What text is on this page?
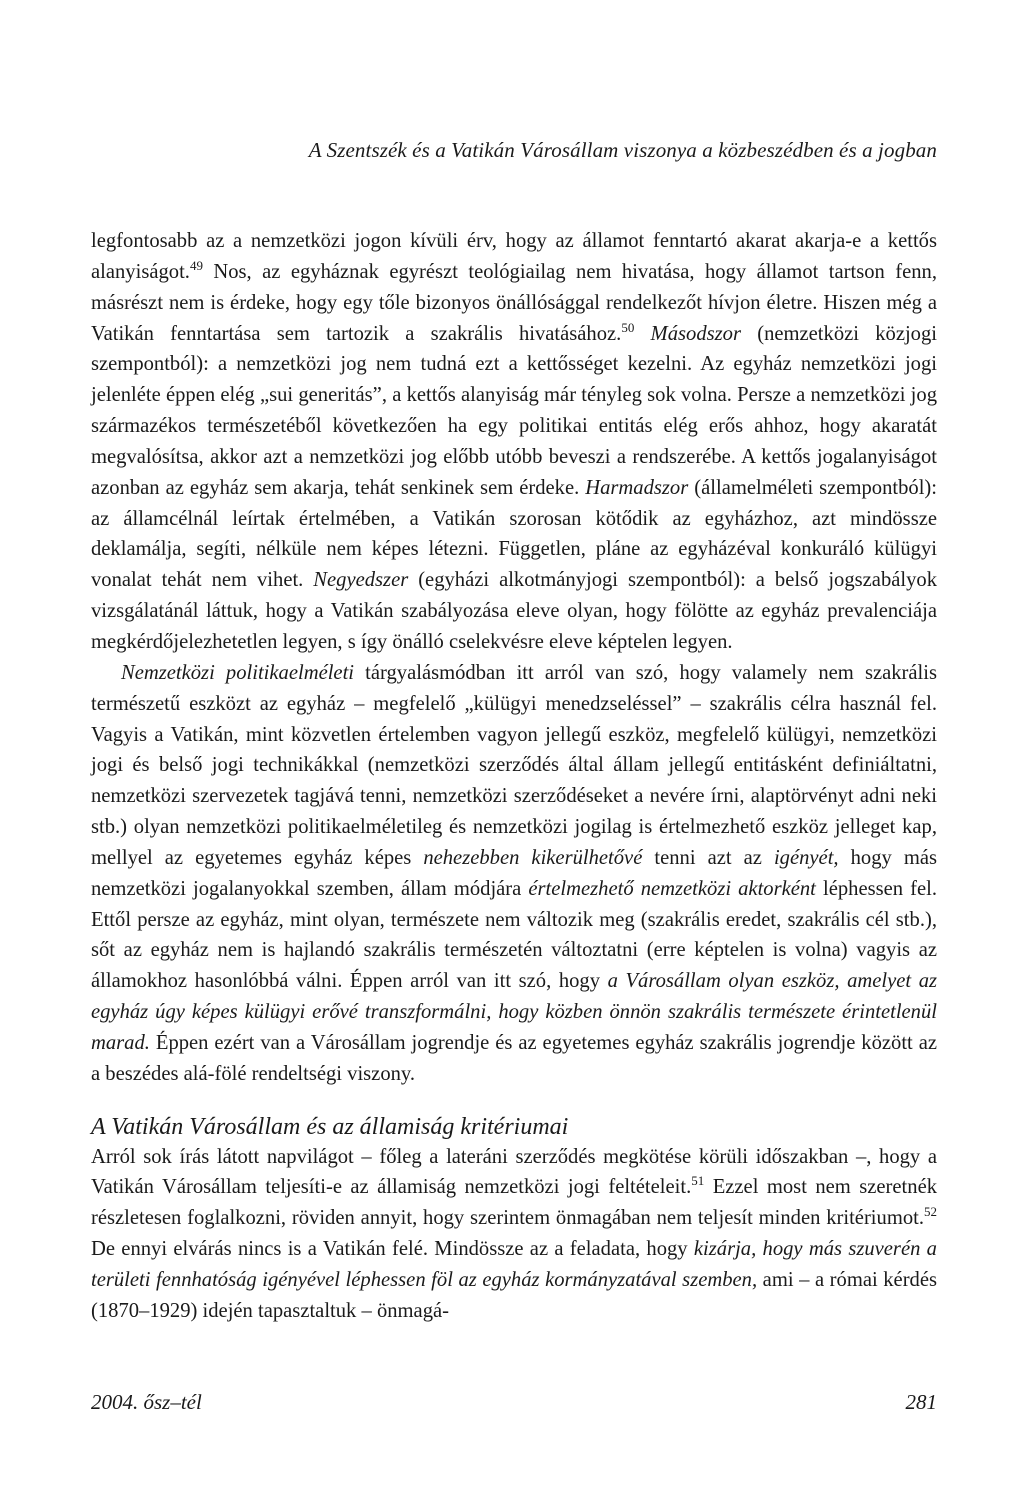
A Szentszék és a Vatikán Városállam viszonya a közbeszédben és a jogban

legfontosabb az a nemzetközi jogon kívüli érv, hogy az államot fenntartó akarat akarja-e a kettős alanyiságot.$^{49}$ Nos, az egyháznak egyrészt teológiailag nem hivatása, hogy államot tartson fenn, másrészt nem is érdeke, hogy egy tőle bizonyos önállósággal rendelkezőt hívjon életre. Hiszen még a Vatikán fenntartása sem tartozik a szakrális hivatásához.$^{50}$ Másodszor (nemzetközi közjogi szempontból): a nemzetközi jog nem tudná ezt a kettősséget kezelni. Az egyház nemzetközi jogi jelenléte éppen elég „sui generitás”, a kettős alanyiság már tényleg sok volna. Persze a nemzetközi jog származékos természetéből következően ha egy politikai entitás elég erős ahhoz, hogy akaratát megvalósítsa, akkor azt a nemzetközi jog előbb utóbb beveszi a rendszerébe. A kettős jogalanyiságot azonban az egyház sem akarja, tehát senkinek sem érdeke. Harmadszor (államelméleti szempontból): az államcélnál leírtak értelmében, a Vatikán szorosan kötődik az egyházhoz, azt mindössze deklamálja, segíti, nélküle nem képes létezni. Független, pláne az egyházéval konkuráló külügyi vonalat tehát nem vihet. Negyedszer (egyházi alkotmányjogi szempontból): a belső jogszabályok vizsgálatánál láttuk, hogy a Vatikán szabályozása eleve olyan, hogy fölötte az egyház prevalenciája megkérdőjelezhetetlen legyen, s így önálló cselekvésre eleve képtelen legyen.

Nemzetközi politikaelméleti tárgyalásmódban itt arról van szó, hogy valamely nem szakrális természetű eszközt az egyház – megfelelő „külügyi menedzseléssel” – szakrális célra használ fel. Vagyis a Vatikán, mint közvetlen értelemben vagyon jellegű eszköz, megfelelő külügyi, nemzetközi jogi és belső jogi technikákkal (nemzetközi szerződés által állam jellegű entitásként definiáltatni, nemzetközi szervezetek tagjává tenni, nemzetközi szerződéseket a nevére írni, alaptörvényt adni neki stb.) olyan nemzetközi politikaelméletileg és nemzetközi jogilag is értelmezhető eszköz jelleget kap, mellyel az egyetemes egyház képes nehezebben kikerülhetővé tenni azt az igényét, hogy más nemzetközi jogalanyokkal szemben, állam módjára értelmezhető nemzetközi aktorként léphessen fel. Ettől persze az egyház, mint olyan, természete nem változik meg (szakrális eredet, szakrális cél stb.), sőt az egyház nem is hajlandó szakrális természetén változtatni (erre képtelen is volna) vagyis az államokhoz hasonlóbbá válni. Éppen arról van itt szó, hogy a Városállam olyan eszköz, amelyet az egyház úgy képes külügyi erővé transzformálni, hogy közben önnön szakrális természete érintetlenül marad. Éppen ezért van a Városállam jogrendje és az egyetemes egyház szakrális jogrendje között az a beszédes alá-fölé rendeltségi viszony.

A Vatikán Városállam és az államiság kritériumai

Arról sok írás látott napvilágot – főleg a lateráni szerződés megkötése körüli időszakban –, hogy a Vatikán Városállam teljesíti-e az államiság nemzetközi jogi feltételeit.$^{51}$ Ezzel most nem szeretnék részletesen foglalkozni, röviden annyit, hogy szerintem önmagában nem teljesít minden kritériumot.$^{52}$ De ennyi elvárás nincs is a Vatikán felé. Mindössze az a feladata, hogy kizárja, hogy más szuverén a területi fennhatóság igényével léphessen föl az egyház kormányzatával szemben, ami – a római kérdés (1870–1929) idején tapasztaltuk – önmagá-

2004. ősz–tél	281
